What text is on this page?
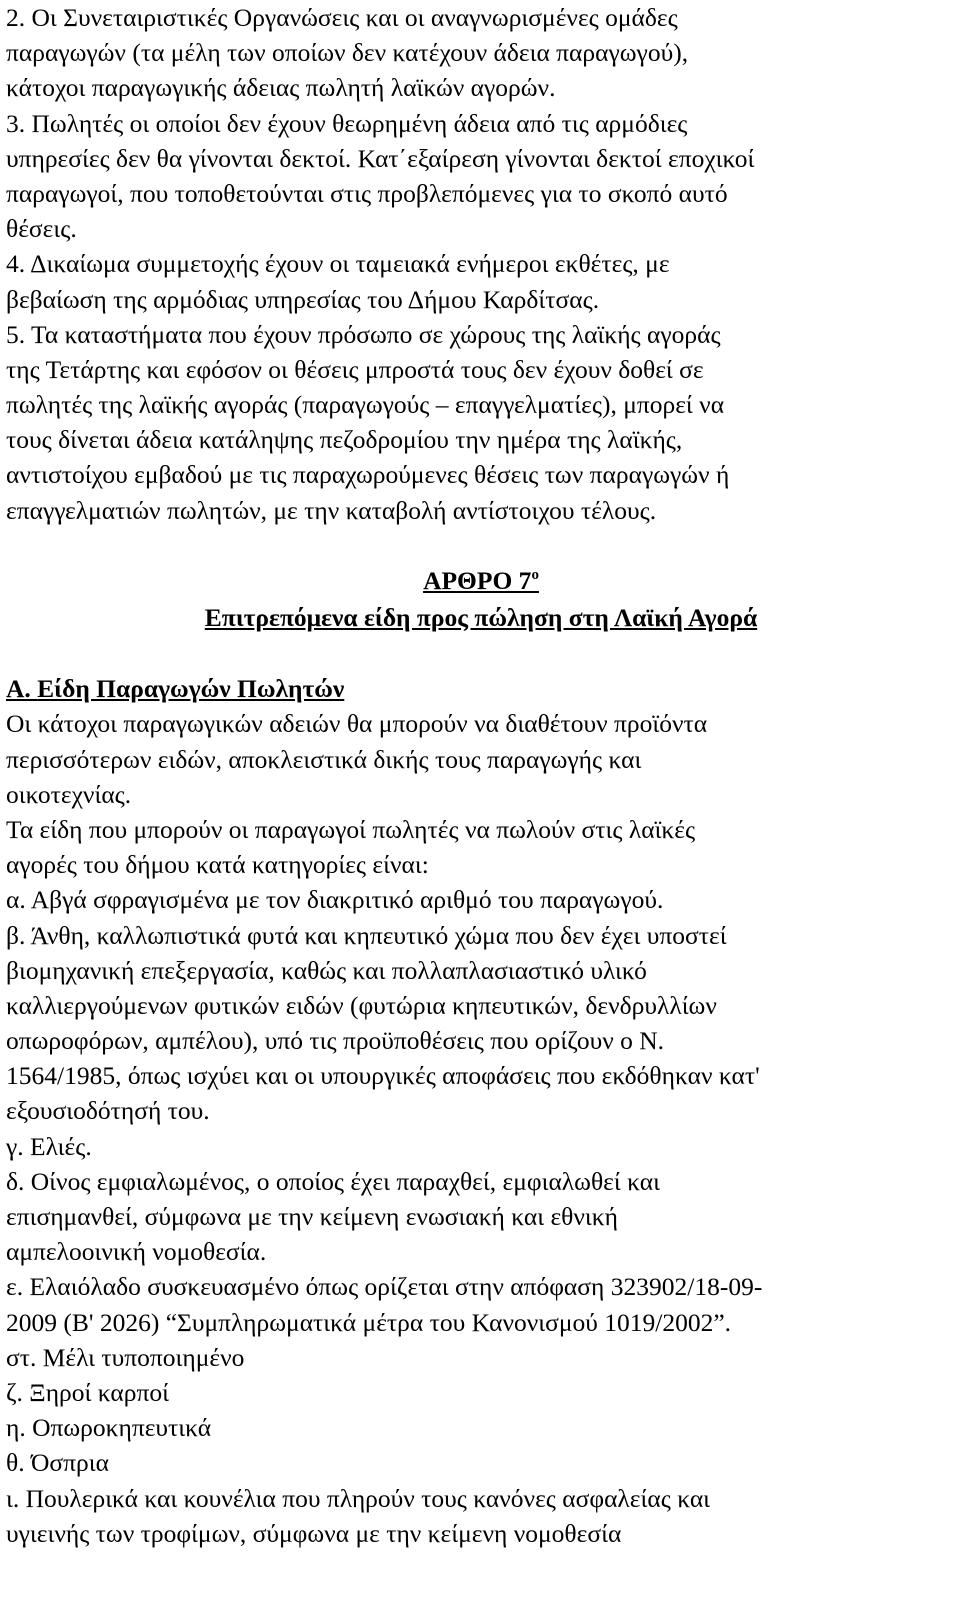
2. Οι Συνεταιριστικές Οργανώσεις και οι αναγνωρισμένες ομάδες
παραγωγών (τα μέλη των οποίων δεν κατέχουν άδεια παραγωγού),
κάτοχοι παραγωγικής άδειας πωλητή λαϊκών αγορών.
3. Πωλητές οι οποίοι δεν έχουν θεωρημένη άδεια από τις αρμόδιες
υπηρεσίες δεν θα γίνονται δεκτοί. Κατ΄εξαίρεση γίνονται δεκτοί εποχικοί
παραγωγοί, που τοποθετούνται στις προβλεπόμενες για το σκοπό αυτό
θέσεις.
4. Δικαίωμα συμμετοχής έχουν οι ταμειακά ενήμεροι εκθέτες, με
βεβαίωση της αρμόδιας υπηρεσίας του Δήμου Καρδίτσας.
5. Τα καταστήματα που έχουν πρόσωπο σε χώρους της λαϊκής αγοράς
της Τετάρτης και εφόσον οι θέσεις μπροστά τους δεν έχουν δοθεί σε
πωλητές της λαϊκής αγοράς (παραγωγούς – επαγγελματίες), μπορεί να
τους δίνεται άδεια κατάληψης πεζοδρομίου την ημέρα της λαϊκής,
αντιστοίχου εμβαδού με τις παραχωρούμενες θέσεις των παραγωγών ή
επαγγελματιών πωλητών, με την καταβολή αντίστοιχου τέλους.
ΑΡΘΡΟ $7^o$
Επιτρεπόμενα είδη προς πώληση στη Λαϊκή Αγορά
Α. Είδη Παραγωγών Πωλητών
Οι κάτοχοι παραγωγικών αδειών θα μπορούν να διαθέτουν προϊόντα
περισσότερων ειδών, αποκλειστικά δικής τους παραγωγής και
οικοτεχνίας.
Τα είδη που μπορούν οι παραγωγοί πωλητές να πωλούν στις λαϊκές
αγορές του δήμου κατά κατηγορίες είναι:
α. Αβγά σφραγισμένα με τον διακριτικό αριθμό του παραγωγού.
β. Άνθη, καλλωπιστικά φυτά και κηπευτικό χώμα που δεν έχει υποστεί
βιομηχανική επεξεργασία, καθώς και πολλαπλασιαστικό υλικό
καλλιεργούμενων φυτικών ειδών (φυτώρια κηπευτικών, δενδρυλλίων
οπωροφόρων, αμπέλου), υπό τις προϋποθέσεις που ορίζουν ο Ν.
1564/1985, όπως ισχύει και οι υπουργικές αποφάσεις που εκδόθηκαν κατ'
εξουσιοδότησή του.
γ. Ελιές.
δ. Οίνος εμφιαλωμένος, ο οποίος έχει παραχθεί, εμφιαλωθεί και
επισημανθεί, σύμφωνα με την κείμενη ενωσιακή και εθνική
αμπελοοινική νομοθεσία.
ε. Ελαιόλαδο συσκευασμένο όπως ορίζεται στην απόφαση 323902/18-09-
2009 (Β' 2026) “Συμπληρωματικά μέτρα του Κανονισμού 1019/2002”.
στ. Μέλι τυποποιημένο
ζ. Ξηροί καρποί
η. Οπωροκηπευτικά
θ. Όσπρια
ι. Πουλερικά και κουνέλια που πληρούν τους κανόνες ασφαλείας και
υγιεινής των τροφίμων, σύμφωνα με την κείμενη νομοθεσία
